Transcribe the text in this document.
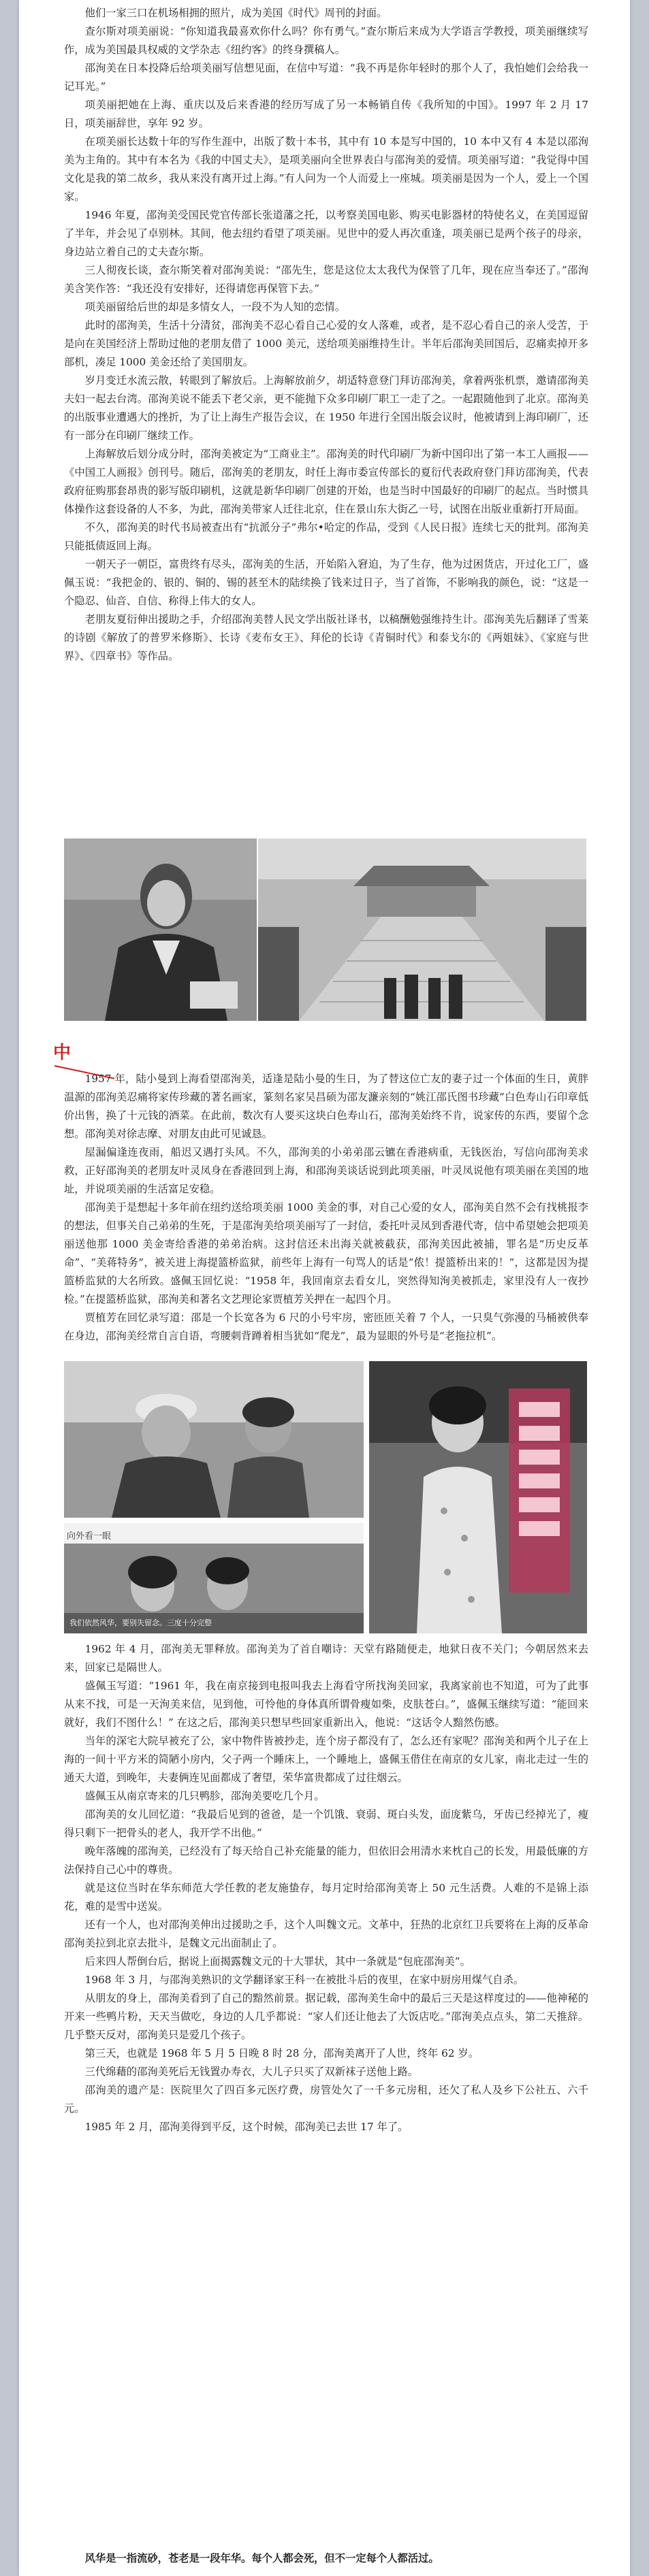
他们一家三口在机场相拥的照片，成为美国《时代》周刊的封面。

查尔斯对项美丽说：“你知道我最喜欢你什么吗？你有勇气。”查尔斯后来成为大学语言学教授，项美丽继续写作，成为美国最具权威的文学杂志《纽约客》的终身撰稿人。

邵洵美在日本投降后给项美丽写信想见面，在信中写道：“我不再是你年轻时的那个人了，我怕她们会给我一记耳光。”

项美丽把她在上海、重庆以及后来香港的经历写成了另一本畅销自传《我所知的中国》。1997 年 2 月 17 日，项美丽辞世，享年 92 岁。

在项美丽长达数十年的写作生涯中，出版了数十本书，其中有 10 本是写中国的，10 本中又有 4 本是以邵洵美为主角的。其中有本名为《我的中国丈夫》，是项美丽向全世界表白与邵洵美的爱情。项美丽写道：“我觉得中国文化是我的第二故乡，我从来没有离开过上海。”有人问为一个人而爱上一座城。项美丽是因为一个人，爱上一个国家。

1946 年夏，邵洵美受国民党官传部长张道藩之托，以考察美国电影、购买电影器材的特使名义，在美国逗留了半年，并会见了卓别林。其间，他去纽约看望了项美丽。见世中的爱人再次重逢，项美丽已是两个孩子的母亲，身边站立着自己的丈夫查尔斯。

三人彻夜长谈，查尔斯笑着对邵洵美说：“邵先生，您是这位太太我代为保管了几年，现在应当奉还了。”邵洵美含笑作答：“我还没有安排好，还得请您再保管下去。”

项美丽留给后世的却是多情女人，一段不为人知的恋情。

此时的邵洵美，生活十分清贫，邵洵美不忍心看自己心爱的女人落难，或者，是不忍心看自己的亲人受苦，于是向在美国经济上帮助过他的老朋友借了 1000 美元，送给项美丽维持生计。半年后邵洵美回国后，忍痛卖掉开多部机，凑足 1000 美金还给了美国朋友。

岁月变迁水流云散，转眼到了解放后。上海解放前夕，胡适特意登门拜访邵洵美，拿着两张机票，邀请邵洵美夫妇一起去台湾。邵洵美说不能丢下老父亲，更不能抛下众多印刷厂职工一走了之。一起跟随他到了北京。邵洵美的出版事业遭遇大的挫折，为了让上海生产报告会议，在 1950 年进行全国出版会议时，他被请到上海印刷厂，还有一部分在印刷厂继续工作。

上海解放后划分成分时，邵洵美被定为“工商业主”。邵洵美的时代印刷厂为新中国印出了第一本工人画报——《中国工人画报》创刊号。随后，邵洵美的老朋友，时任上海市委宣传部长的夏衍代表政府登门拜访邵洵美，代表政府征购那套昂贵的影写版印刷机，这就是新华印刷厂创建的开始，也是当时中国最好的印刷厂的起点。当时惯具体操作这套设备的人不多，为此，邵洵美带家人迁往北京，住在景山东大街乙一号，试图在出版业重新打开局面。

不久，邵洵美的时代书局被查出有“抗派分子”弗尔•哈定的作品，受到《人民日报》连续七天的批判。邵洵美只能抵债返回上海。

一朝天子一朝臣，富贵终有尽头，邵洵美的生活，开始陷入窘迫，为了生存，他为过困货店，开过化工厂，盛佩玉说：“我把金的、银的、铜的、锡的甚至木的陆续换了钱来过日子，当了首饰，不影响我的颜色，说：“这是一个隐忍、仙音、自信、称得上伟大的女人。

老朋友夏衍伸出援助之手，介绍邵洵美替人民文学出版社译书，以稿酬勉强维持生计。邵洵美先后翻译了雪莱的诗剧《解放了的普罗米修斯》、长诗《麦布女王》、拜伦的长诗《青铜时代》和泰戈尔的《两姐妹》、《家庭与世界》、《四章书》等作品。

中

1957 年，陆小曼到上海看望邵洵美，适逢是陆小曼的生日，为了替这位亡友的妻子过一个体面的生日，黄胖温源的邵洵美忍痛将家传珍藏的著名画家，篆刻名家吴昌硕为邵友濂亲刻的“姚江邵氏图书珍藏”白色寿山石印章低价出售，换了十元钱的酒菜。在此前，数次有人要买这块白色寿山石，邵洵美始终不肯，说家传的东西，要留个念想。邵洵美对徐志摩、对朋友由此可见诚恳。

屋漏偏逢连夜雨，船迟又遇打头风。不久，邵洵美的小弟弟邵云镳在香港病重，无钱医治，写信向邵洵美求救，正好邵洵美的老朋友叶灵凤身在香港回到上海，和邵洵美谈话说到此项美丽，叶灵凤说他有项美丽在美国的地址，并说项美丽的生活富足安稳。

邵洵美于是想起十多年前在纽约送给项美丽 1000 美金的事，对自己心爱的女人，邵洵美自然不会有找桃报李的想法，但事关自己弟弟的生死，于是邵洵美给项美丽写了一封信，委托叶灵凤到香港代寄，信中希望她会把项美丽送他那 1000 美金寄给香港的弟弟治病。这封信还未出海关就被截获，邵洵美因此被捕，罪名是“历史反革命”、“美蒋特务”，被关进上海提篮桥监狱，前些年上海有一句骂人的话是“侬！提篮桥出来的！”，这都是因为提篮桥监狱的大名所致。盛佩玉回忆说：“1958 年，我回南京去看女儿，突然得知洵美被抓走，家里没有人一夜抄检。”在提篮桥监狱，邵洵美和著名文艺理论家贾植芳关押在一起四个月。

贾植芳在回忆录写道：邵是一个长宽各为 6 尺的小号牢房，密匝匝关着 7 个人，一只臭气弥漫的马桶被供奉在身边，邵洵美经常自言自语，弯腰刺背蹲着相当犹如“爬龙”，最为显眼的外号是“老拖拉机”。

向外看一眼
我们依然风华，要别失留念。三度十分完整

1962 年 4 月，邵洵美无罪释放。邵洵美为了首自嘲诗：天堂有路随便走，地狱日夜不关门；今朝居然来去来，回家已是隔世人。

盛佩玉写道：“1961 年，我在南京接到电报叫我去上海看守所找洵美回家，我离家前也不知道，可为了此事从来不找，可是一天洵美来信，见到他，可怜他的身体真所谓骨瘦如柴，皮肤苍白。”，盛佩玉继续写道：“能回来就好，我们不图什么！” 在这之后，邵洵美只想早些回家重新出入，他说：“这话令人黯然伤感。

当年的深宅大院早被充了公，家中物件皆被抄走，连个房子都没有了，怎么还有家呢？邵洵美和两个儿子在上海的一间十平方米的简陋小房内，父子两一个睡床上，一个睡地上，盛佩玉借住在南京的女儿家，南北走过一生的通天大道，到晚年，夫妻俩连见面都成了奢望，荣华富贵都成了过往烟云。

盛佩玉从南京寄来的几只鸭胗，邵洵美要吃几个月。

邵洵美的女儿回忆道：“我最后见到的爸爸，是一个饥饿、衰弱、斑白头发，面庞紫乌，牙齿已经掉光了，瘦得只剩下一把骨头的老人，我开学不出他。”

晚年落魄的邵洵美，已经没有了每天给自己补充能量的能力，但依旧会用清水来枕自己的长发，用最低廉的方法保持自己心中的尊贵。

就是这位当时在华东师范大学任教的老友施蛰存，每月定时给邵洵美寄上 50 元生活费。人难的不是锦上添花，难的是雪中送炭。

还有一个人，也对邵洵美伸出过援助之手，这个人叫魏文元。文革中，狂热的北京红卫兵要将在上海的反革命邵洵美拉到北京去批斗，是魏文元出面制止了。

后来四人帮倒台后，据说上面揭露魏文元的十大罪状，其中一条就是“包庇邵洵美”。

1968 年 3 月，与邵洵美熟识的文学翻译家王科一在被批斗后的夜里，在家中厨房用煤气自杀。

从朋友的身上，邵洵美看到了自己的黯然前景。据记载，邵洵美生命中的最后三天是这样度过的——他神秘的开来一些鸭片粉，天天当做吃，身边的人几乎都说：“家人们还让他去了大饭店吃。”邵洵美点点头，第二天推辞。几乎整天反对，邵洵美只是爱几个孩子。

第三天，也就是 1968 年 5 月 5 日晚 8 时 28 分，邵洵美离开了人世，终年 62 岁。

三代绵藉的邵洵美死后无钱置办寿衣，大儿子只买了双新袜子送他上路。

邵洵美的遗产是：医院里欠了四百多元医疗费，房管处欠了一千多元房租，还欠了私人及乡下公社五、六千元。

1985 年 2 月，邵洵美得到平反，这个时候，邵洵美已去世 17 年了。

风华是一指流砂，苍老是一段年华。每个人都会死，但不一定每个人都活过。
